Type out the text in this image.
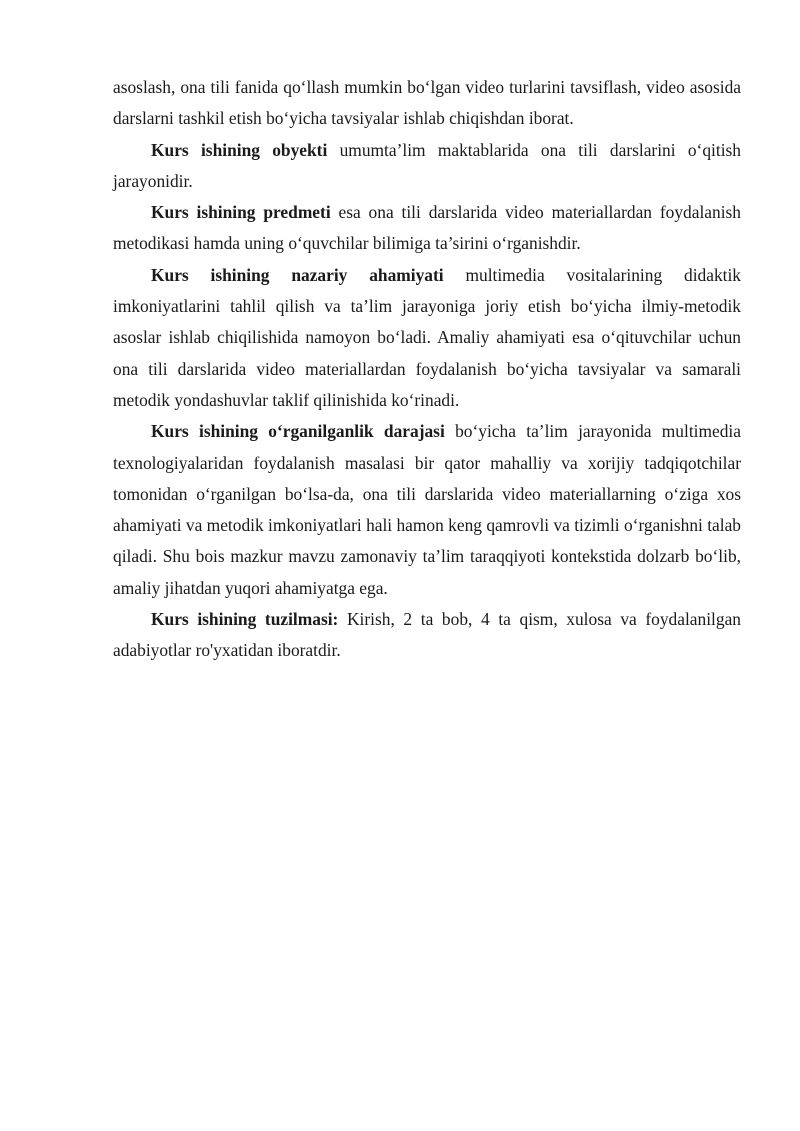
asoslash, ona tili fanida qo‘llash mumkin bo‘lgan video turlarini tavsiflash, video asosida darslarni tashkil etish bo‘yicha tavsiyalar ishlab chiqishdan iborat.

Kurs ishining obyekti umumta’lim maktablarida ona tili darslarini o‘qitish jarayonidir.

Kurs ishining predmeti esa ona tili darslarida video materiallardan foydalanish metodikasi hamda uning o‘quvchilar bilimiga ta’sirini o‘rganishdir.

Kurs ishining nazariy ahamiyati multimedia vositalarining didaktik imkoniyatlarini tahlil qilish va ta’lim jarayoniga joriy etish bo‘yicha ilmiy-metodik asoslar ishlab chiqilishida namoyon bo‘ladi. Amaliy ahamiyati esa o‘qituvchilar uchun ona tili darslarida video materiallardan foydalanish bo‘yicha tavsiyalar va samarali metodik yondashuvlar taklif qilinishida ko‘rinadi.

Kurs ishining o‘rganilganlik darajasi bo‘yicha ta’lim jarayonida multimedia texnologiyalaridan foydalanish masalasi bir qator mahalliy va xorijiy tadqiqotchilar tomonidan o‘rganilgan bo‘lsa-da, ona tili darslarida video materiallarning o‘ziga xos ahamiyati va metodik imkoniyatlari hali hamon keng qamrovli va tizimli o‘rganishni talab qiladi. Shu bois mazkur mavzu zamonaviy ta’lim taraqqiyoti kontekstida dolzarb bo‘lib, amaliy jihatdan yuqori ahamiyatga ega.

Kurs ishining tuzilmasi: Kirish, 2 ta bob, 4 ta qism, xulosa va foydalanilgan adabiyotlar ro'yxatidan iboratdir.
